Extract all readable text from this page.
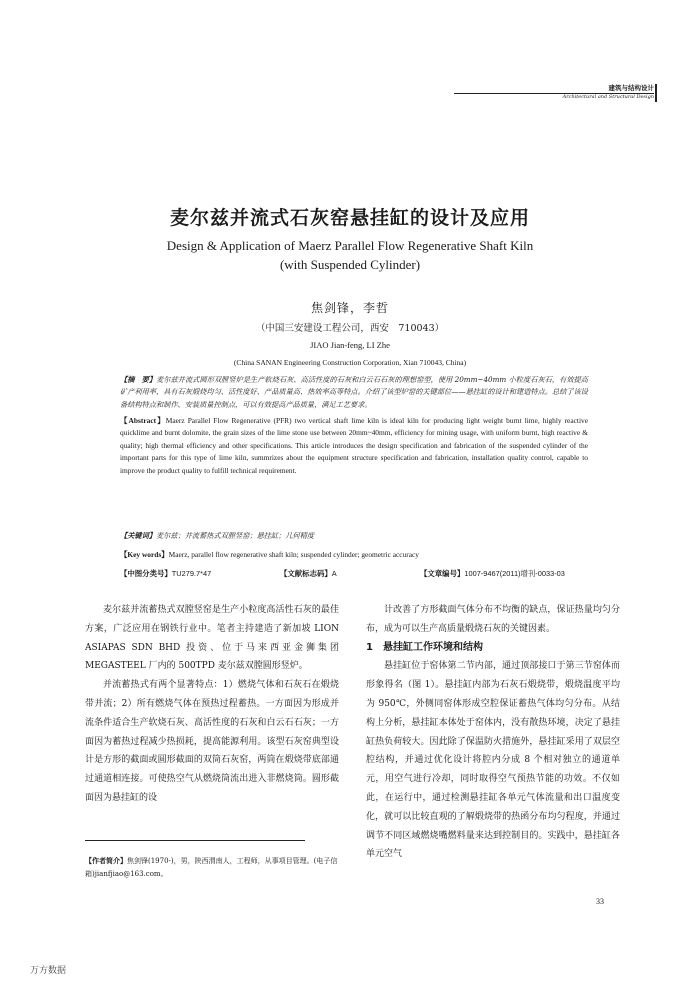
建筑与结构设计
Architectural and Structural Design
麦尔兹并流式石灰窑悬挂缸的设计及应用
Design & Application of Maerz Parallel Flow Regenerative Shaft Kiln
(with Suspended Cylinder)
焦剑锋，李哲
（中国三安建设工程公司，西安　710043）
JIAO Jian-feng, LI Zhe
(China SANAN Engineering Construction Corporation, Xian 710043, China)
【摘　要】麦尔兹并流式圆形双膛竖炉是生产软烧石灰、高活性度的石灰和白云石石灰的理想窑型，使用 20mm~40mm 小粒度石灰石，有效提高矿产利用率，具有石灰煅烧均匀、活性度好、产品质量高、热效率高等特点。介绍了该型炉窑的关键部位——悬挂缸的设计和建造特点。总结了该设备结构特点和制作、安装质量控制点，可以有效提高产品质量，满足工艺要求。
【Abstract】Maerz Parallel Flow Regenerative (PFR) two vertical shaft lime kiln is ideal kiln for producing light weight burnt lime, highly reactive quicklime and burnt dolomite, the grain sizes of the lime stone use between 20mm~40mm, efficiency for mining usage, with uniform burnt, high reactive & quality; high thermal efficiency and other specifications. This article introduces the design specification and fabrication of the suspended cylinder of the important parts for this type of lime kiln, summrizes about the equipment structure specification and fabrication, installation quality control, capable to improve the product quality to fulfill technical requirement.
【关键词】麦尔兹；并流蓄热式双膛竖窑；悬挂缸；几何精度
【Key words】Maerz, parallel flow regenerative shaft kiln; suspended cylinder; geometric accuracy
【中图分类号】TU279.7*47	【文献标志码】A	【文章编号】1007-9467(2011)增刊-0033-03

麦尔兹并流蓄热式双膛竖窑是生产小粒度高活性石灰的最佳方案，广泛应用在钢铁行业中。笔者主持建造了新加坡 LION ASIAPAS SDN BHD 投资、位于马来西亚金狮集团 MEGASTEEL 厂内的 500TPD 麦尔兹双膛圆形竖炉。

并流蓄热式有两个显著特点：1）燃烧气体和石灰石在煅烧带并流；2）所有燃烧气体在预热过程蓄热。一方面因为形成并流条件适合生产软烧石灰、高活性度的石灰和白云石石灰；一方面因为蓄热过程减少热损耗，提高能源利用。该型石灰窑典型设计是方形的截面或圆形截面的双筒石灰窑，两筒在煅烧带底部通过通道相连接。可使热空气从燃烧筒流出进入非燃烧筒。圆形截面因为悬挂缸的设

计改善了方形截面气体分布不均衡的缺点，保证热量均匀分布，成为可以生产高质量煅烧石灰的关键因素。

1　悬挂缸工作环境和结构

悬挂缸位于窑体第二节内部，通过顶部接口于第三节窑体而形象得名（图 1）。悬挂缸内部为石灰石煅烧带，煅烧温度平均为 950℃，外侧同窑体形成空腔保证蓄热气体均匀分布。从结构上分析，悬挂缸本体处于窑体内，没有散热环境，决定了悬挂缸热负荷较大。因此除了保温防火措施外，悬挂缸采用了双层空腔结构，并通过优化设计将腔内分成 8 个相对独立的通道单元，用空气进行冷却，同时取得空气预热节能的功效。不仅如此，在运行中，通过检测悬挂缸各单元气体流量和出口温度变化，就可以比较直观的了解煅烧带的热函分布均匀程度，并通过调节不同区域燃烧嘴燃料量来达到控制目的。实践中，悬挂缸各单元空气

【作者简介】焦剑锋(1970-)，男，陕西渭南人，工程师，从事项目管理。(电子信箱)jianfjiao@163.com。
33
万方数据
